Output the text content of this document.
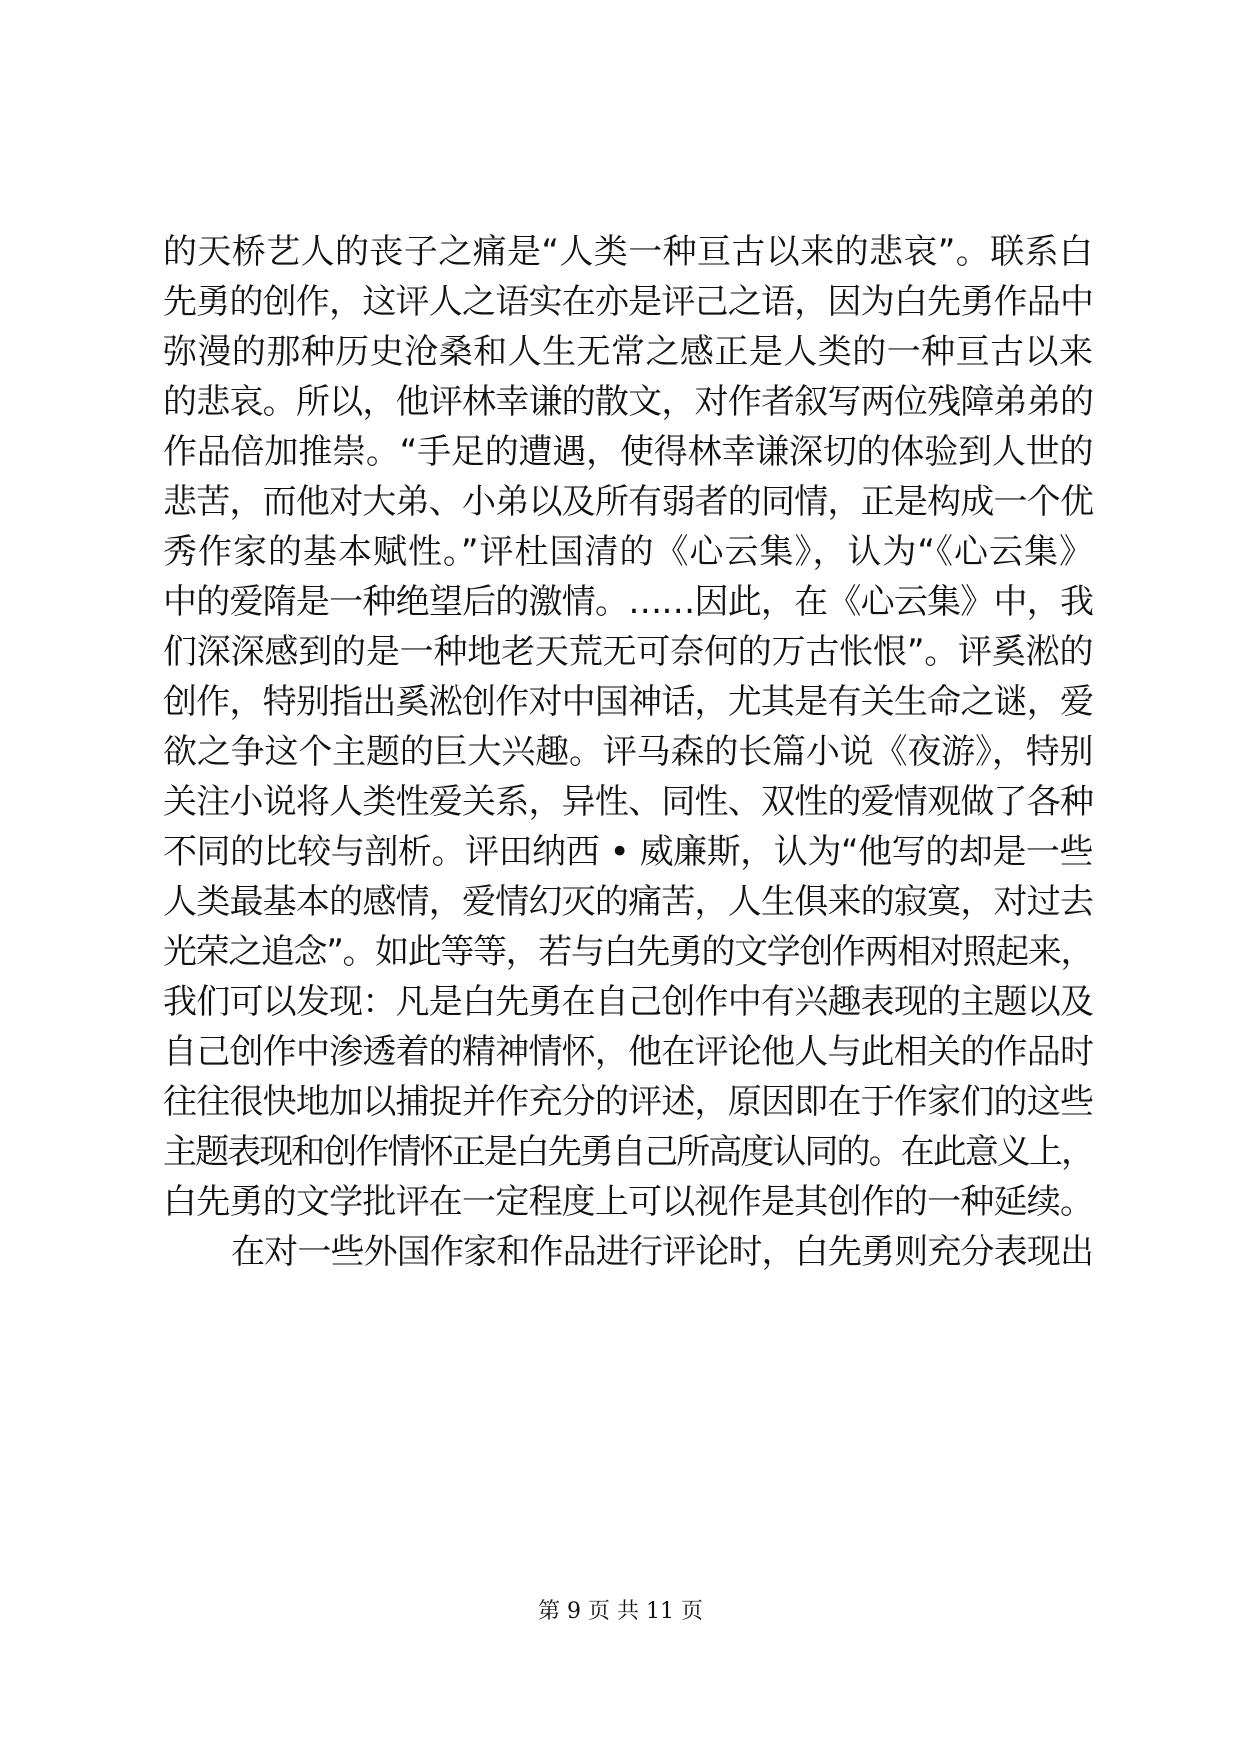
的天桥艺人的丧子之痛是“人类一种亘古以来的悲哀”。联系白
先勇的创作，这评人之语实在亦是评己之语，因为白先勇作品中
弥漫的那种历史沧桑和人生无常之感正是人类的一种亘古以来
的悲哀。所以，他评林幸谦的散文，对作者叙写两位残障弟弟的
作品倍加推崇。“手足的遭遇，使得林幸谦深切的体验到人世的
悲苦，而他对大弟、小弟以及所有弱者的同情，正是构成一个优
秀作家的基本赋性。”评杜国清的《心云集》，认为“《心云集》
中的爱隋是一种绝望后的激情。……因此，在《心云集》中，我
们深深感到的是一种地老天荒无可奈何的万古怅恨”。评奚淞的
创作，特别指出奚淞创作对中国神话，尤其是有关生命之谜，爱
欲之争这个主题的巨大兴趣。评马森的长篇小说《夜游》，特别
关注小说将人类性爱关系，异性、同性、双性的爱情观做了各种
不同的比较与剖析。评田纳西 • 威廉斯，认为“他写的却是一些
人类最基本的感情，爱情幻灭的痛苦，人生俱来的寂寞，对过去
光荣之追念”。如此等等，若与白先勇的文学创作两相对照起来，
我们可以发现：凡是白先勇在自己创作中有兴趣表现的主题以及
自己创作中渗透着的精神情怀，他在评论他人与此相关的作品时
往往很快地加以捕捉并作充分的评述，原因即在于作家们的这些
主题表现和创作情怀正是白先勇自己所高度认同的。在此意义上，
白先勇的文学批评在一定程度上可以视作是其创作的一种延续。
在对一些外国作家和作品进行评论时，白先勇则充分表现出
第 9 页 共 11 页
